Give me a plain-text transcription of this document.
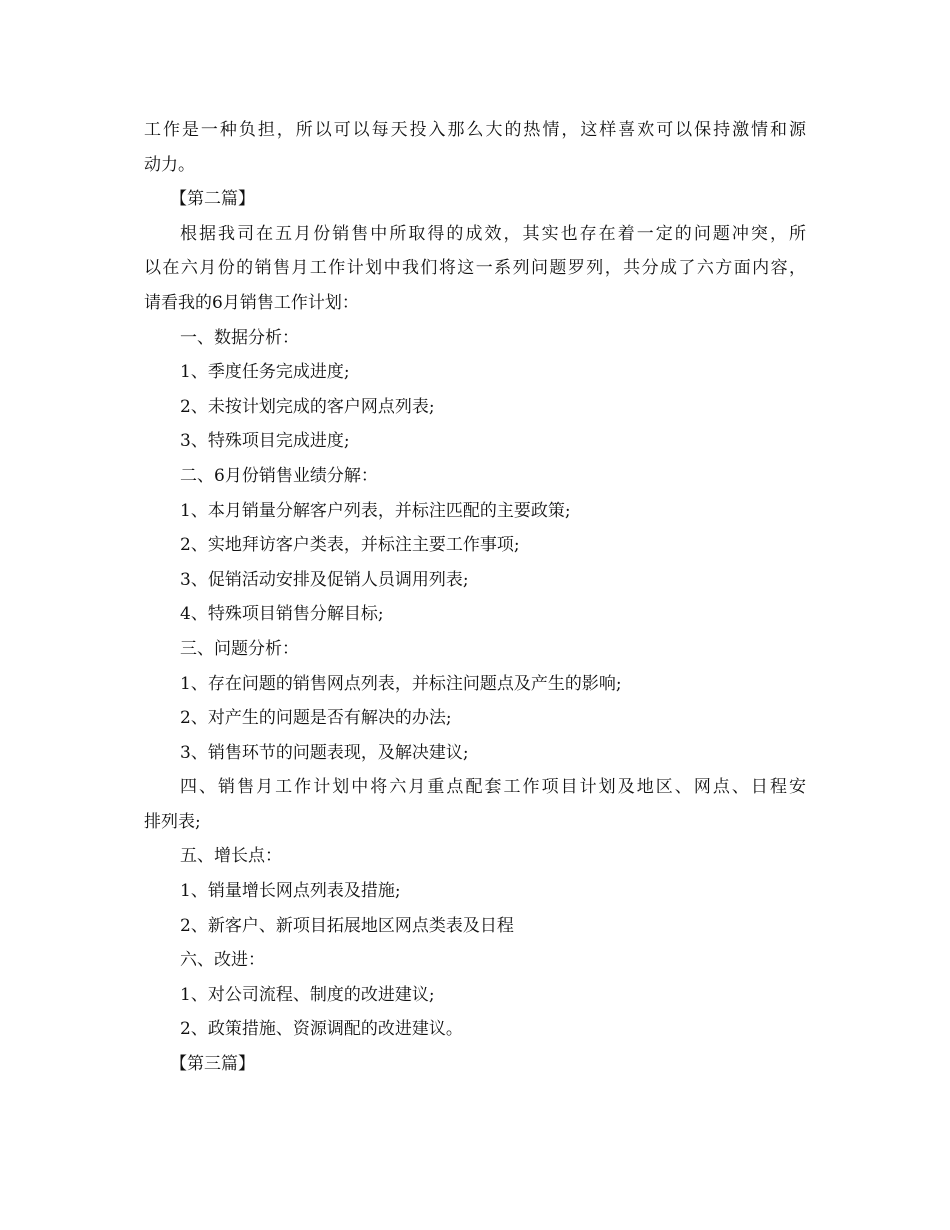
工作是一种负担，所以可以每天投入那么大的热情，这样喜欢可以保持激情和源

动力。

【第二篇】

根据我司在五月份销售中所取得的成效，其实也存在着一定的问题冲突，所

以在六月份的销售月工作计划中我们将这一系列问题罗列，共分成了六方面内容，

请看我的6月销售工作计划：

一、数据分析：

1、季度任务完成进度;

2、未按计划完成的客户网点列表;

3、特殊项目完成进度;

二、6月份销售业绩分解：

1、本月销量分解客户列表，并标注匹配的主要政策;

2、实地拜访客户类表，并标注主要工作事项;

3、促销活动安排及促销人员调用列表;

4、特殊项目销售分解目标;

三、问题分析：

1、存在问题的销售网点列表，并标注问题点及产生的影响;

2、对产生的问题是否有解决的办法;

3、销售环节的问题表现，及解决建议;

四、销售月工作计划中将六月重点配套工作项目计划及地区、网点、日程安

排列表;

五、增长点：

1、销量增长网点列表及措施;

2、新客户、新项目拓展地区网点类表及日程

六、改进：

1、对公司流程、制度的改进建议;

2、政策措施、资源调配的改进建议。

【第三篇】
